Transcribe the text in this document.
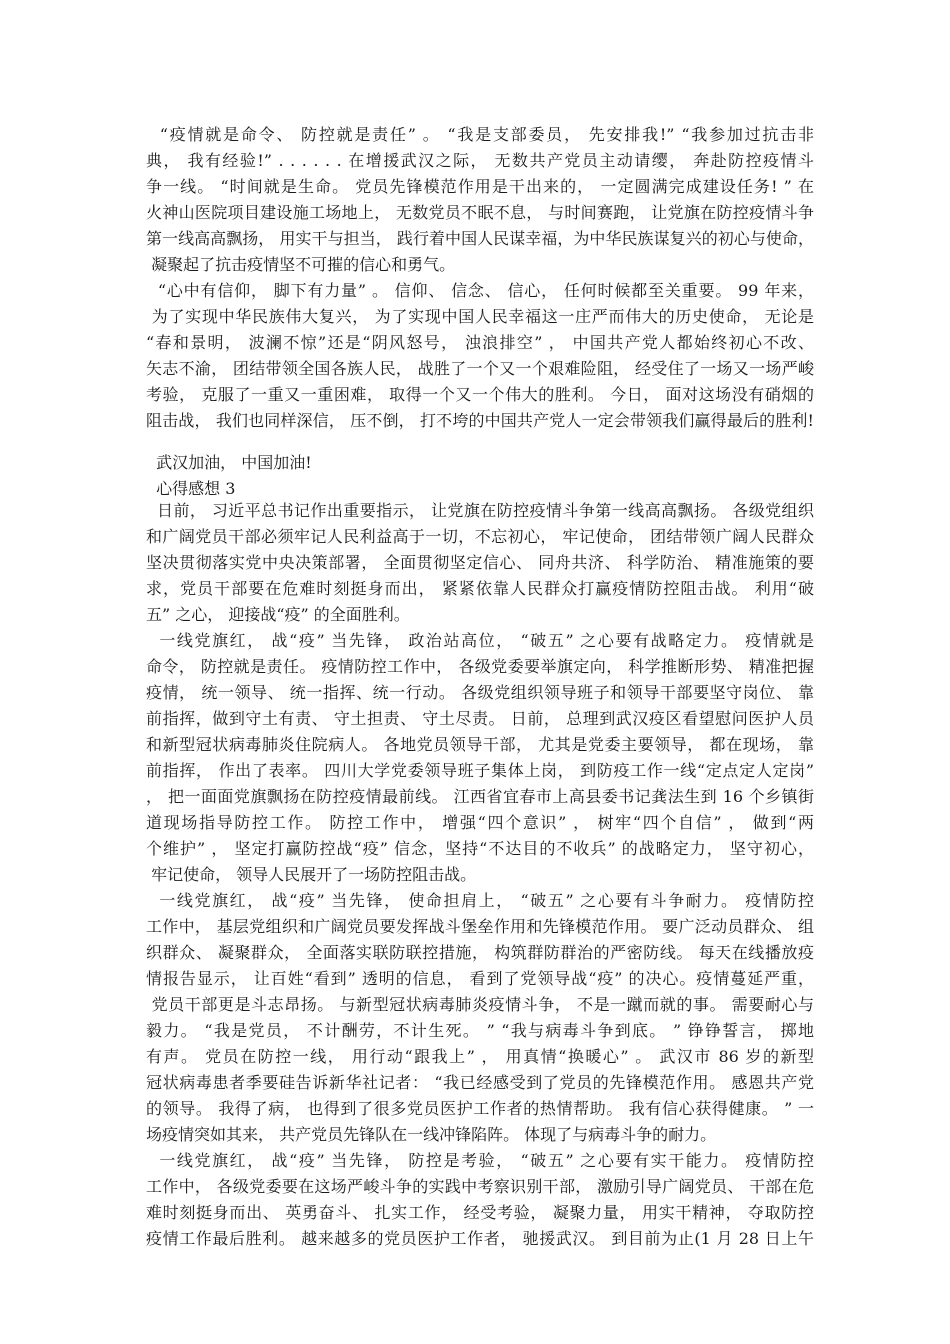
“疫情就是命令、 防控就是责任” 。 “我是支部委员， 先安排我!” “我参加过抗击非
典， 我有经验!” . . . . . . 在增援武汉之际， 无数共产党员主动请缨， 奔赴防控疫情斗
争一线。 “时间就是生命。 党员先锋模范作用是干出来的， 一定圆满完成建设任务! ” 在
火神山医院项目建设施工场地上， 无数党员不眠不息， 与时间赛跑， 让党旗在防控疫情斗争
第一线高高飘扬， 用实干与担当， 践行着中国人民谋幸福，为中华民族谋复兴的初心与使命，
凝聚起了抗击疫情坚不可摧的信心和勇气。
“心中有信仰， 脚下有力量” 。 信仰、 信念、 信心， 任何时候都至关重要。 99 年来，
为了实现中华民族伟大复兴， 为了实现中国人民幸福这一庄严而伟大的历史使命， 无论是
“春和景明， 波澜不惊”还是“阴风怒号， 浊浪排空” ， 中国共产党人都始终初心不改、
矢志不渝， 团结带领全国各族人民， 战胜了一个又一个艰难险阻， 经受住了一场又一场严峻
考验， 克服了一重又一重困难， 取得一个又一个伟大的胜利。 今日， 面对这场没有硝烟的
阻击战， 我们也同样深信， 压不倒， 打不垮的中国共产党人一定会带领我们赢得最后的胜利!
武汉加油， 中国加油!
心得感想 3
日前， 习近平总书记作出重要指示， 让党旗在防控疫情斗争第一线高高飘扬。 各级党组织
和广阔党员干部必须牢记人民利益高于一切，不忘初心， 牢记使命， 团结带领广阔人民群众
坚决贯彻落实党中央决策部署， 全面贯彻坚定信心、 同舟共济、 科学防治、 精准施策的要
求，党员干部要在危难时刻挺身而出， 紧紧依靠人民群众打赢疫情防控阻击战。 利用“破
五” 之心， 迎接战“疫” 的全面胜利。
一线党旗红， 战“疫” 当先锋， 政治站高位， “破五” 之心要有战略定力。 疫情就是
命令， 防控就是责任。 疫情防控工作中， 各级党委要举旗定向， 科学推断形势、 精准把握
疫情， 统一领导、 统一指挥、统一行动。 各级党组织领导班子和领导干部要坚守岗位、 靠
前指挥，做到守土有责、 守土担责、 守土尽责。 日前， 总理到武汉疫区看望慰问医护人员
和新型冠状病毒肺炎住院病人。 各地党员领导干部， 尤其是党委主要领导， 都在现场， 靠
前指挥， 作出了表率。 四川大学党委领导班子集体上岗， 到防疫工作一线“定点定人定岗”
， 把一面面党旗飘扬在防控疫情最前线。 江西省宜春市上高县委书记龚法生到 16 个乡镇街
道现场指导防控工作。 防控工作中， 增强“四个意识” ， 树牢“四个自信” ， 做到“两
个维护” ， 坚定打赢防控战“疫” 信念，坚持“不达目的不收兵” 的战略定力， 坚守初心，
牢记使命， 领导人民展开了一场防控阻击战。
一线党旗红， 战“疫” 当先锋， 使命担肩上， “破五” 之心要有斗争耐力。 疫情防控
工作中， 基层党组织和广阔党员要发挥战斗堡垒作用和先锋模范作用。 要广泛动员群众、 组
织群众、 凝聚群众， 全面落实联防联控措施， 构筑群防群治的严密防线。 每天在线播放疫
情报告显示， 让百姓“看到” 透明的信息， 看到了党领导战“疫” 的决心。疫情蔓延严重，
党员干部更是斗志昂扬。 与新型冠状病毒肺炎疫情斗争， 不是一蹴而就的事。 需要耐心与
毅力。 “我是党员， 不计酬劳，不计生死。 ” “我与病毒斗争到底。 ” 铮铮誓言， 掷地
有声。 党员在防控一线， 用行动“跟我上” ， 用真情“换暖心” 。 武汉市 86 岁的新型
冠状病毒患者季要硅告诉新华社记者： “我已经感受到了党员的先锋模范作用。 感恩共产党
的领导。 我得了病， 也得到了很多党员医护工作者的热情帮助。 我有信心获得健康。 ” 一
场疫情突如其来， 共产党员先锋队在一线冲锋陷阵。 体现了与病毒斗争的耐力。
一线党旗红， 战“疫” 当先锋， 防控是考验， “破五” 之心要有实干能力。 疫情防控
工作中， 各级党委要在这场严峻斗争的实践中考察识别干部， 激励引导广阔党员、 干部在危
难时刻挺身而出、 英勇奋斗、 扎实工作， 经受考验， 凝聚力量， 用实干精神， 夺取防控
疫情工作最后胜利。 越来越多的党员医护工作者， 驰援武汉。 到目前为止(1 月 28 日上午
